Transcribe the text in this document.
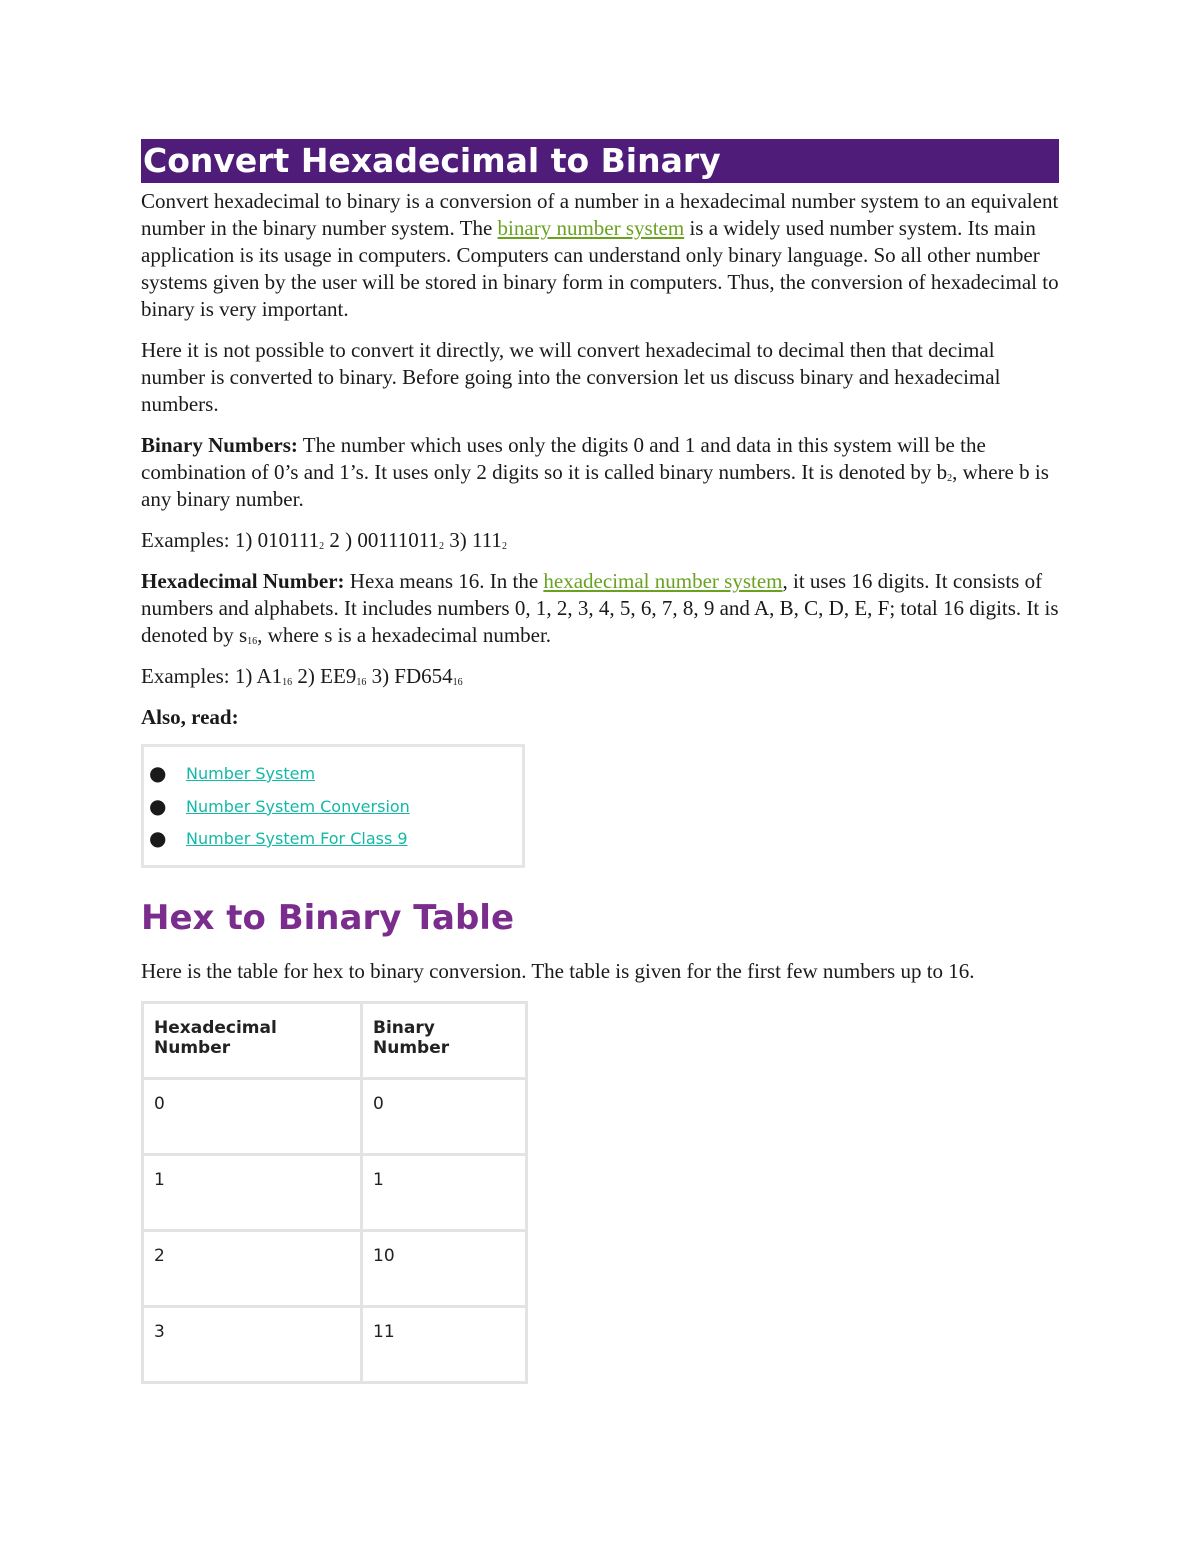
Convert Hexadecimal to Binary

Convert hexadecimal to binary is a conversion of a number in a hexadecimal number system to an equivalent number in the binary number system. The binary number system is a widely used number system. Its main application is its usage in computers. Computers can understand only binary language. So all other number systems given by the user will be stored in binary form in computers. Thus, the conversion of hexadecimal to binary is very important.

Here it is not possible to convert it directly, we will convert hexadecimal to decimal then that decimal number is converted to binary. Before going into the conversion let us discuss binary and hexadecimal numbers.

Binary Numbers: The number which uses only the digits 0 and 1 and data in this system will be the combination of 0’s and 1’s. It uses only 2 digits so it is called binary numbers. It is denoted by $b_2$, where b is any binary number.

Examples: 1) $010111_2$ 2 ) $00111011_2$ 3) $111_2$

Hexadecimal Number: Hexa means 16. In the hexadecimal number system, it uses 16 digits. It consists of numbers and alphabets. It includes numbers 0, 1, 2, 3, 4, 5, 6, 7, 8, 9 and A, B, C, D, E, F; total 16 digits. It is denoted by $s_{16}$, where s is a hexadecimal number.

Examples: 1) $A1_{16}$ 2) $EE9_{16}$ 3) $FD654_{16}$

Also, read:

● Number System
● Number System Conversion
● Number System For Class 9
Hex to Binary Table

Here is the table for hex to binary conversion. The table is given for the first few numbers up to 16.

Hexadecimal Number	Binary Number
0	0
1	1
2	10
3	11
